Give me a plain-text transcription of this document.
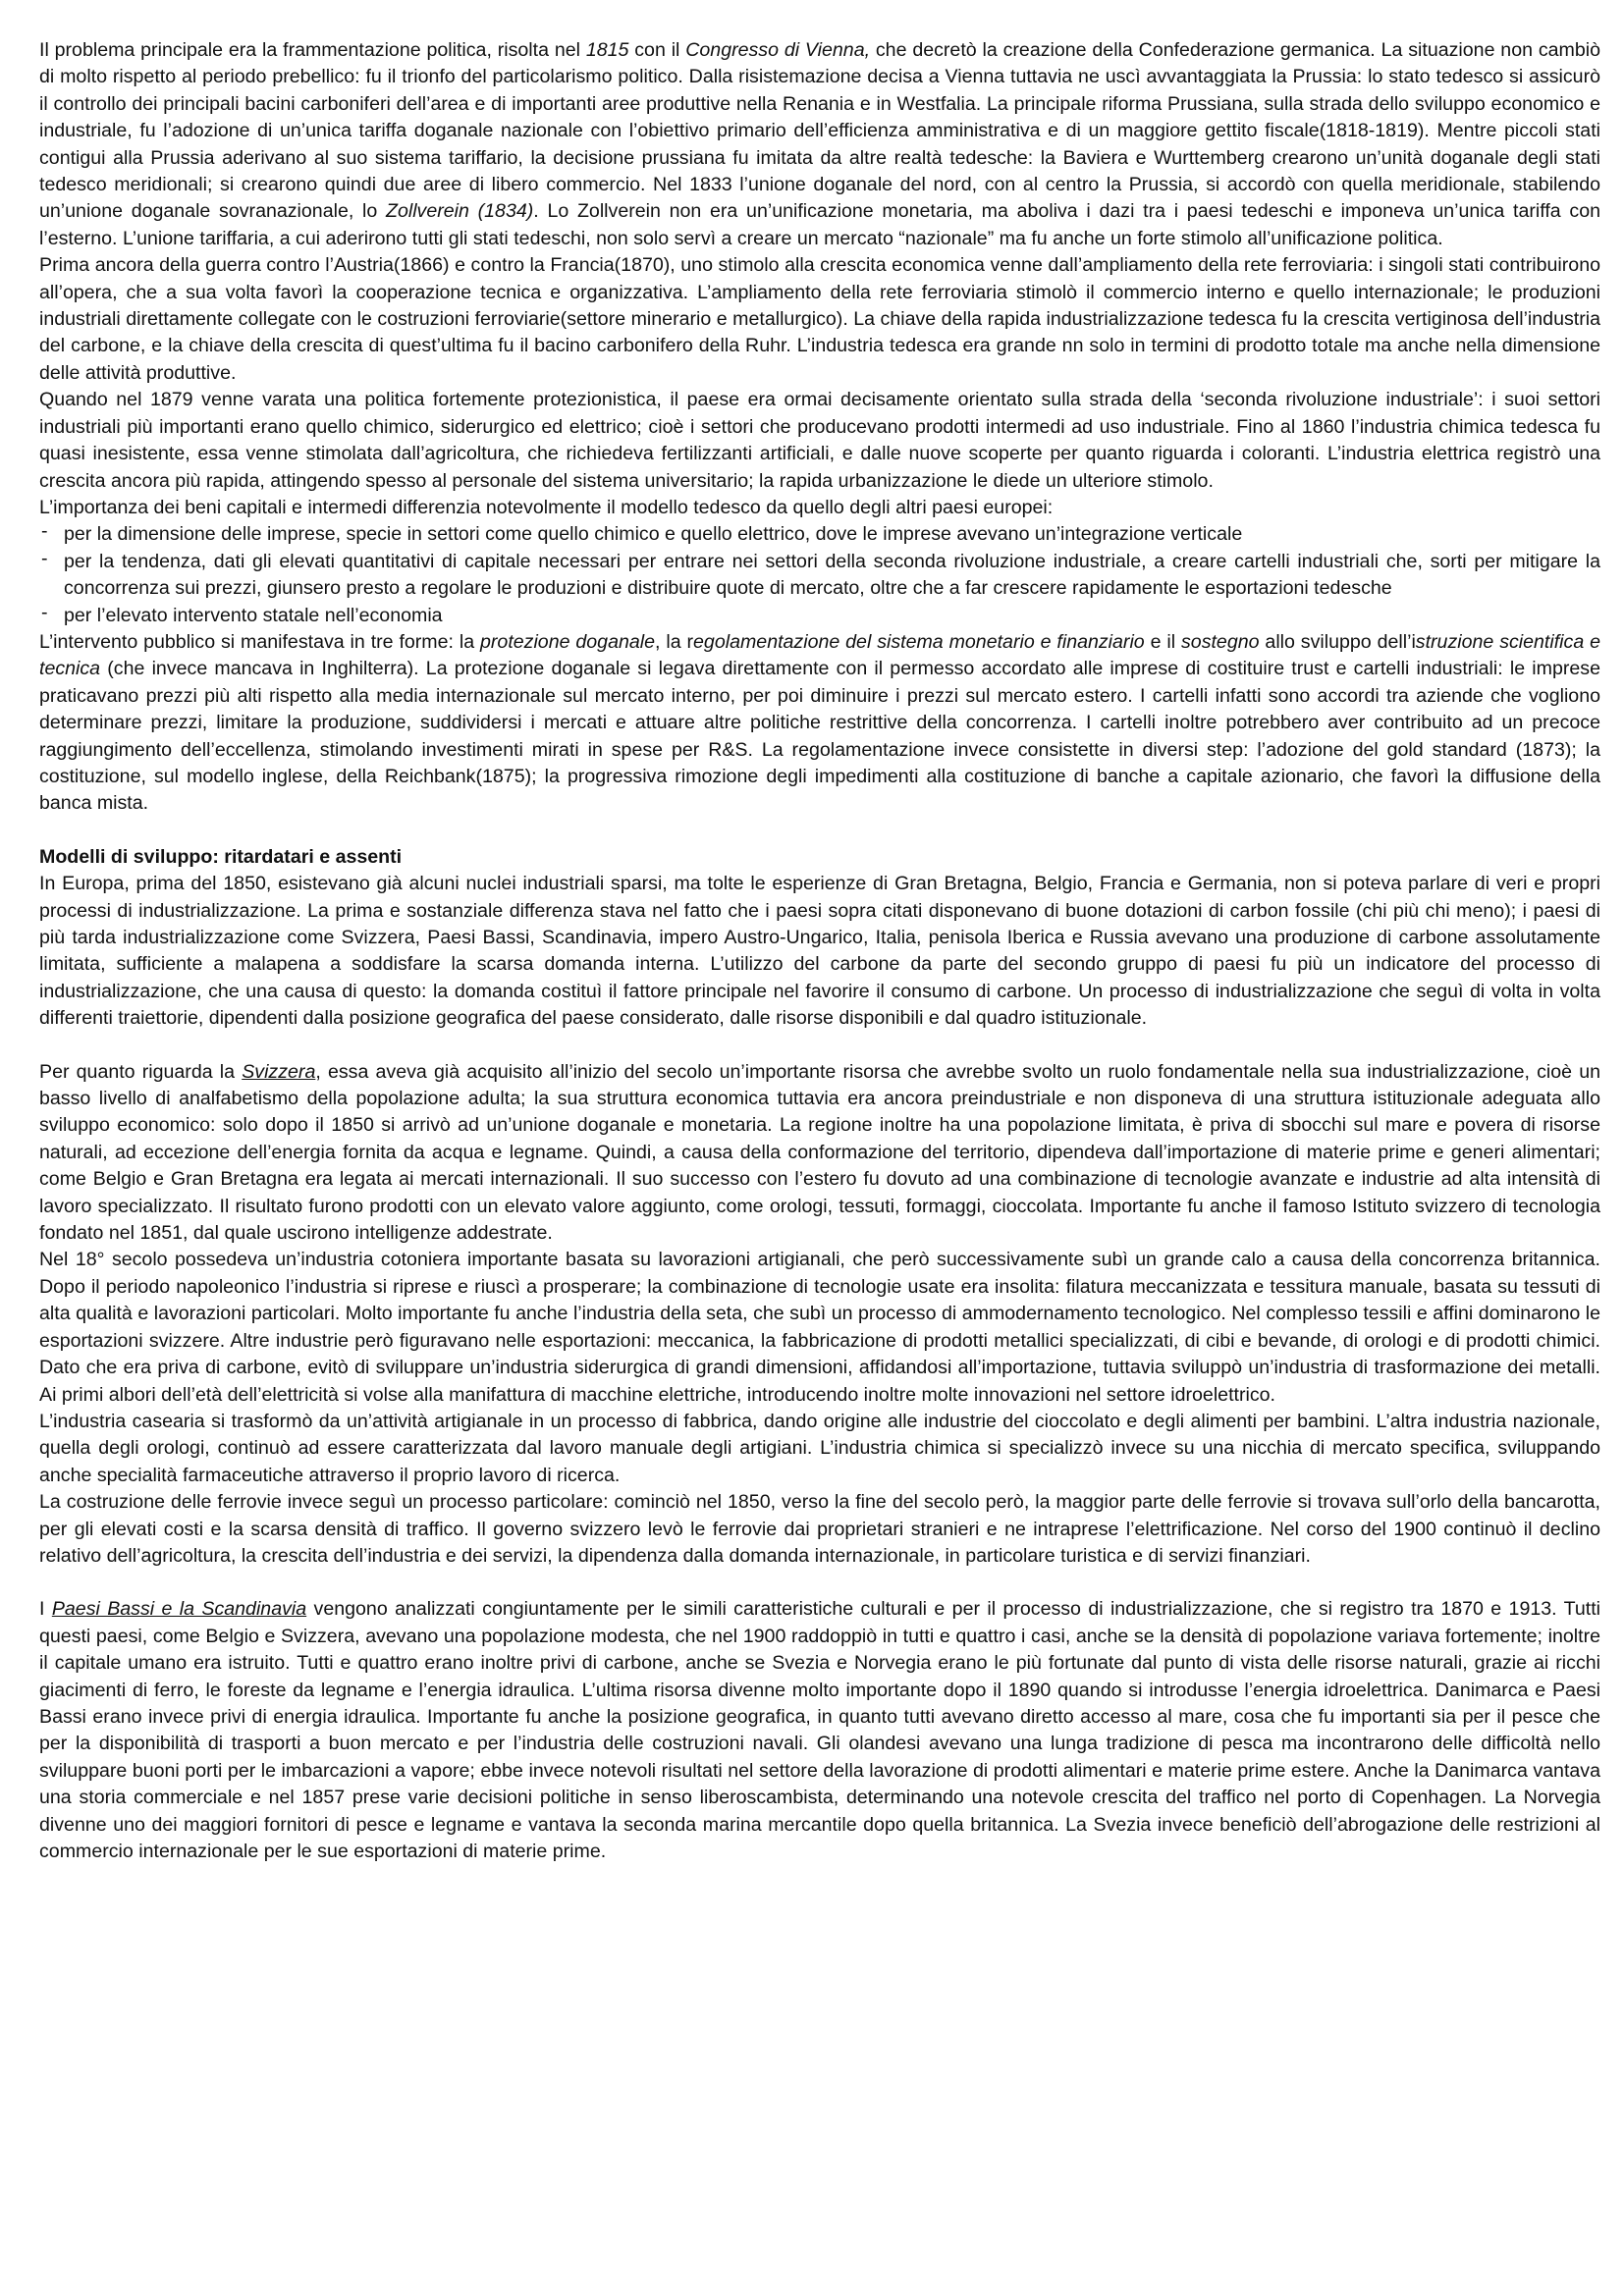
Il problema principale era la frammentazione politica, risolta nel 1815 con il Congresso di Vienna, che decretò la creazione della Confederazione germanica. La situazione non cambiò di molto rispetto al periodo prebellico: fu il trionfo del particolarismo politico. Dalla risistemazione decisa a Vienna tuttavia ne uscì avvantaggiata la Prussia: lo stato tedesco si assicurò il controllo dei principali bacini carboniferi dell’area e di importanti aree produttive nella Renania e in Westfalia. La principale riforma Prussiana, sulla strada dello sviluppo economico e industriale, fu l’adozione di un’unica tariffa doganale nazionale con l’obiettivo primario dell’efficienza amministrativa e di un maggiore gettito fiscale(1818-1819). Mentre piccoli stati contigui alla Prussia aderivano al suo sistema tariffario, la decisione prussiana fu imitata da altre realtà tedesche: la Baviera e Wurttemberg crearono un’unità doganale degli stati tedesco meridionali; si crearono quindi due aree di libero commercio. Nel 1833 l’unione doganale del nord, con al centro la Prussia, si accordò con quella meridionale, stabilendo un’unione doganale sovranazionale, lo Zollverein (1834). Lo Zollverein non era un’unificazione monetaria, ma aboliva i dazi tra i paesi tedeschi e imponeva un’unica tariffa con l’esterno. L’unione tariffaria, a cui aderirono tutti gli stati tedeschi, non solo servì a creare un mercato “nazionale” ma fu anche un forte stimolo all’unificazione politica.

Prima ancora della guerra contro l’Austria(1866) e contro la Francia(1870), uno stimolo alla crescita economica venne dall’ampliamento della rete ferroviaria: i singoli stati contribuirono all’opera, che a sua volta favorì la cooperazione tecnica e organizzativa. L’ampliamento della rete ferroviaria stimolò il commercio interno e quello internazionale; le produzioni industriali direttamente collegate con le costruzioni ferroviarie(settore minerario e metallurgico). La chiave della rapida industrializzazione tedesca fu la crescita vertiginosa dell’industria del carbone, e la chiave della crescita di quest’ultima fu il bacino carbonifero della Ruhr. L’industria tedesca era grande nn solo in termini di prodotto totale ma anche nella dimensione delle attività produttive.

Quando nel 1879 venne varata una politica fortemente protezionistica, il paese era ormai decisamente orientato sulla strada della ‘seconda rivoluzione industriale’: i suoi settori industriali più importanti erano quello chimico, siderurgico ed elettrico; cioè i settori che producevano prodotti intermedi ad uso industriale. Fino al 1860 l’industria chimica tedesca fu quasi inesistente, essa venne stimolata dall’agricoltura, che richiedeva fertilizzanti artificiali, e dalle nuove scoperte per quanto riguarda i coloranti. L’industria elettrica registrò una crescita ancora più rapida, attingendo spesso al personale del sistema universitario; la rapida urbanizzazione le diede un ulteriore stimolo.

L’importanza dei beni capitali e intermedi differenzia notevolmente il modello tedesco da quello degli altri paesi europei:

- per la dimensione delle imprese, specie in settori come quello chimico e quello elettrico, dove le imprese avevano un’integrazione verticale
- per la tendenza, dati gli elevati quantitativi di capitale necessari per entrare nei settori della seconda rivoluzione industriale, a creare cartelli industriali che, sorti per mitigare la concorrenza sui prezzi, giunsero presto a regolare le produzioni e distribuire quote di mercato, oltre che a far crescere rapidamente le esportazioni tedesche
- per l’elevato intervento statale nell’economia

L’intervento pubblico si manifestava in tre forme: la protezione doganale, la regolamentazione del sistema monetario e finanziario e il sostegno allo sviluppo dell’istruzione scientifica e tecnica (che invece mancava in Inghilterra). La protezione doganale si legava direttamente con il permesso accordato alle imprese di costituire trust e cartelli industriali: le imprese praticavano prezzi più alti rispetto alla media internazionale sul mercato interno, per poi diminuire i prezzi sul mercato estero. I cartelli infatti sono accordi tra aziende che vogliono determinare prezzi, limitare la produzione, suddividersi i mercati e attuare altre politiche restrittive della concorrenza. I cartelli inoltre potrebbero aver contribuito ad un precoce raggiungimento dell’eccellenza, stimolando investimenti mirati in spese per R&S. La regolamentazione invece consistette in diversi step: l’adozione del gold standard (1873); la costituzione, sul modello inglese, della Reichbank(1875); la progressiva rimozione degli impedimenti alla costituzione di banche a capitale azionario, che favorì la diffusione della banca mista.

Modelli di sviluppo: ritardatari e assenti

In Europa, prima del 1850, esistevano già alcuni nuclei industriali sparsi, ma tolte le esperienze di Gran Bretagna, Belgio, Francia e Germania, non si poteva parlare di veri e propri processi di industrializzazione. La prima e sostanziale differenza stava nel fatto che i paesi sopra citati disponevano di buone dotazioni di carbon fossile (chi più chi meno); i paesi di più tarda industrializzazione come Svizzera, Paesi Bassi, Scandinavia, impero Austro-Ungarico, Italia, penisola Iberica e Russia avevano una produzione di carbone assolutamente limitata, sufficiente a malapena a soddisfare la scarsa domanda interna. L’utilizzo del carbone da parte del secondo gruppo di paesi fu più un indicatore del processo di industrializzazione, che una causa di questo: la domanda costituì il fattore principale nel favorire il consumo di carbone. Un processo di industrializzazione che seguì di volta in volta differenti traiettorie, dipendenti dalla posizione geografica del paese considerato, dalle risorse disponibili e dal quadro istituzionale.

Per quanto riguarda la Svizzera, essa aveva già acquisito all’inizio del secolo un’importante risorsa che avrebbe svolto un ruolo fondamentale nella sua industrializzazione, cioè un basso livello di analfabetismo della popolazione adulta; la sua struttura economica tuttavia era ancora preindustriale e non disponeva di una struttura istituzionale adeguata allo sviluppo economico: solo dopo il 1850 si arrivò ad un’unione doganale e monetaria. La regione inoltre ha una popolazione limitata, è priva di sbocchi sul mare e povera di risorse naturali, ad eccezione dell’energia fornita da acqua e legname. Quindi, a causa della conformazione del territorio, dipendeva dall’importazione di materie prime e generi alimentari; come Belgio e Gran Bretagna era legata ai mercati internazionali. Il suo successo con l’estero fu dovuto ad una combinazione di tecnologie avanzate e industrie ad alta intensità di lavoro specializzato. Il risultato furono prodotti con un elevato valore aggiunto, come orologi, tessuti, formaggi, cioccolata. Importante fu anche il famoso Istituto svizzero di tecnologia fondato nel 1851, dal quale uscirono intelligenze addestrate.

Nel 18° secolo possedeva un’industria cotoniera importante basata su lavorazioni artigianali, che però successivamente subì un grande calo a causa della concorrenza britannica. Dopo il periodo napoleonico l’industria si riprese e riuscì a prosperare; la combinazione di tecnologie usate era insolita: filatura meccanizzata e tessitura manuale, basata su tessuti di alta qualità e lavorazioni particolari. Molto importante fu anche l’industria della seta, che subì un processo di ammodernamento tecnologico. Nel complesso tessili e affini dominarono le esportazioni svizzere. Altre industrie però figuravano nelle esportazioni: meccanica, la fabbricazione di prodotti metallici specializzati, di cibi e bevande, di orologi e di prodotti chimici. Dato che era priva di carbone, evitò di sviluppare un’industria siderurgica di grandi dimensioni, affidandosi all’importazione, tuttavia sviluppò un’industria di trasformazione dei metalli. Ai primi albori dell’età dell’elettricità si volse alla manifattura di macchine elettriche, introducendo inoltre molte innovazioni nel settore idroelettrico.

L’industria casearia si trasformò da un’attività artigianale in un processo di fabbrica, dando origine alle industrie del cioccolato e degli alimenti per bambini. L’altra industria nazionale, quella degli orologi, continuò ad essere caratterizzata dal lavoro manuale degli artigiani. L’industria chimica si specializzò invece su una nicchia di mercato specifica, sviluppando anche specialità farmaceutiche attraverso il proprio lavoro di ricerca.

La costruzione delle ferrovie invece seguì un processo particolare: cominciò nel 1850, verso la fine del secolo però, la maggior parte delle ferrovie si trovava sull’orlo della bancarotta, per gli elevati costi e la scarsa densità di traffico. Il governo svizzero levò le ferrovie dai proprietari stranieri e ne intraprese l’elettrificazione. Nel corso del 1900 continuò il declino relativo dell’agricoltura, la crescita dell’industria e dei servizi, la dipendenza dalla domanda internazionale, in particolare turistica e di servizi finanziari.

I Paesi Bassi e la Scandinavia vengono analizzati congiuntamente per le simili caratteristiche culturali e per il processo di industrializzazione, che si registro tra 1870 e 1913. Tutti questi paesi, come Belgio e Svizzera, avevano una popolazione modesta, che nel 1900 raddoppiò in tutti e quattro i casi, anche se la densità di popolazione variava fortemente; inoltre il capitale umano era istruito. Tutti e quattro erano inoltre privi di carbone, anche se Svezia e Norvegia erano le più fortunate dal punto di vista delle risorse naturali, grazie ai ricchi giacimenti di ferro, le foreste da legname e l’energia idraulica. L’ultima risorsa divenne molto importante dopo il 1890 quando si introdusse l’energia idroelettrica. Danimarca e Paesi Bassi erano invece privi di energia idraulica. Importante fu anche la posizione geografica, in quanto tutti avevano diretto accesso al mare, cosa che fu importanti sia per il pesce che per la disponibilità di trasporti a buon mercato e per l’industria delle costruzioni navali. Gli olandesi avevano una lunga tradizione di pesca ma incontrarono delle difficoltà nello sviluppare buoni porti per le imbarcazioni a vapore; ebbe invece notevoli risultati nel settore della lavorazione di prodotti alimentari e materie prime estere. Anche la Danimarca vantava una storia commerciale e nel 1857 prese varie decisioni politiche in senso liberoscambista, determinando una notevole crescita del traffico nel porto di Copenhagen. La Norvegia divenne uno dei maggiori fornitori di pesce e legname e vantava la seconda marina mercantile dopo quella britannica. La Svezia invece beneficiò dell’abrogazione delle restrizioni al commercio internazionale per le sue esportazioni di materie prime.
